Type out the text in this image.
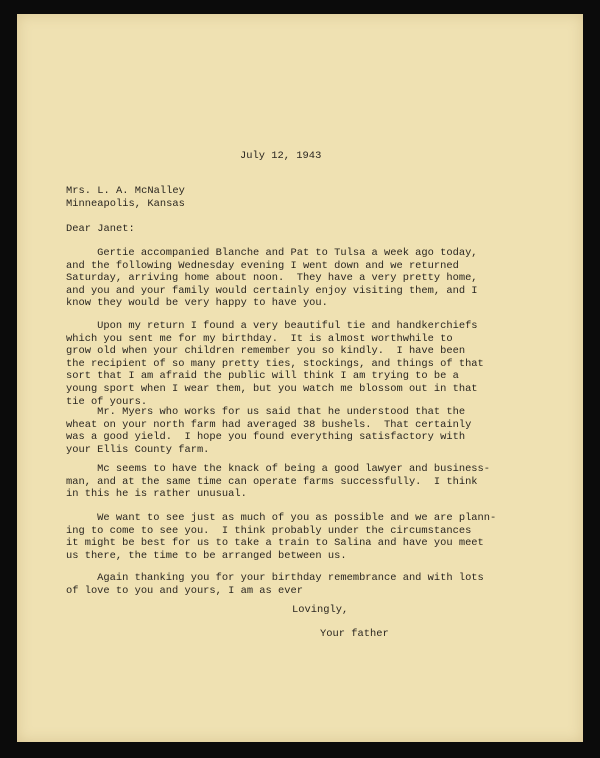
July 12, 1943
Mrs. L. A. McNalley
Minneapolis, Kansas
Dear Janet:
Gertie accompanied Blanche and Pat to Tulsa a week ago today,
and the following Wednesday evening I went down and we returned
Saturday, arriving home about noon.  They have a very pretty home,
and you and your family would certainly enjoy visiting them, and I
know they would be very happy to have you.
Upon my return I found a very beautiful tie and handkerchiefs
which you sent me for my birthday.  It is almost worthwhile to
grow old when your children remember you so kindly.  I have been
the recipient of so many pretty ties, stockings, and things of that
sort that I am afraid the public will think I am trying to be a
young sport when I wear them, but you watch me blossom out in that
tie of yours.
Mr. Myers who works for us said that he understood that the
wheat on your north farm had averaged 38 bushels.  That certainly
was a good yield.  I hope you found everything satisfactory with
your Ellis County farm.
Mc seems to have the knack of being a good lawyer and business-
man, and at the same time can operate farms successfully.  I think
in this he is rather unusual.
We want to see just as much of you as possible and we are plann-
ing to come to see you.  I think probably under the circumstances
it might be best for us to take a train to Salina and have you meet
us there, the time to be arranged between us.
Again thanking you for your birthday remembrance and with lots
of love to you and yours, I am as ever
Lovingly,
Your father
